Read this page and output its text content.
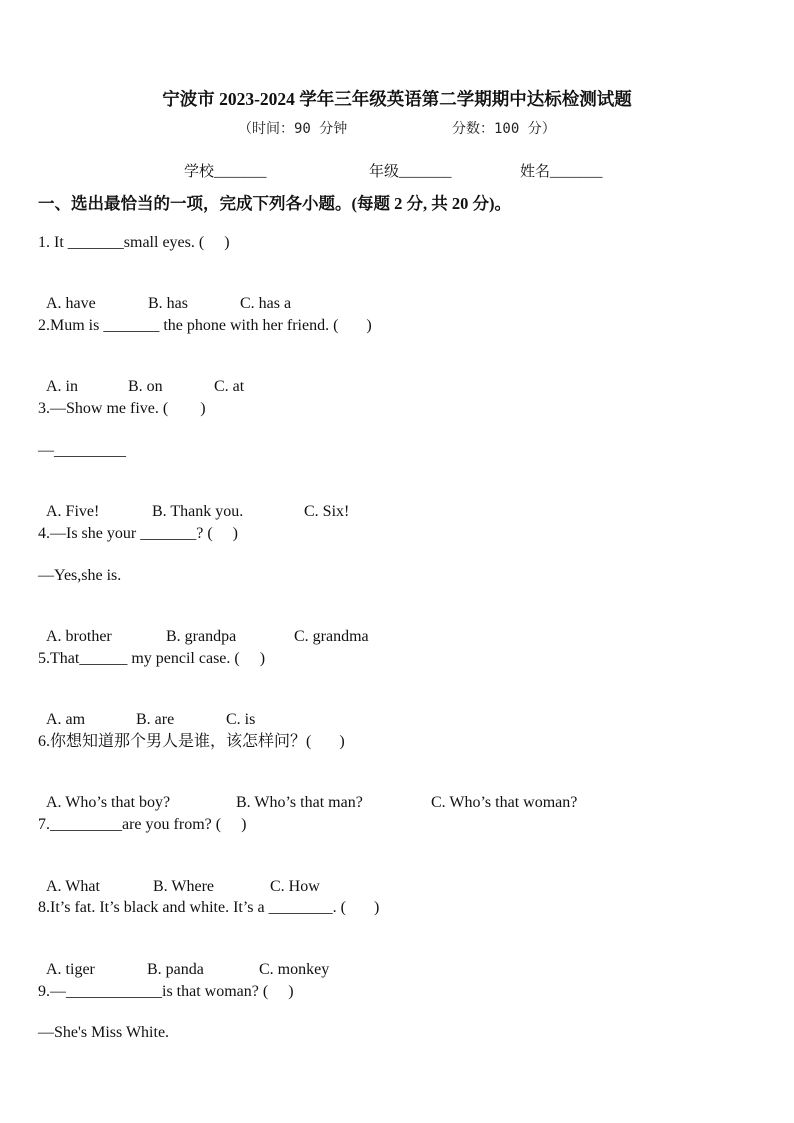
宁波市 2023-2024 学年三年级英语第二学期期中达标检测试题
（时间：90 分钟	分数：100 分）
学校_______	年级_______	姓名_______
一、选出最恰当的一项，完成下列各小题。(每题 2 分, 共 20 分)。
1. It _______small eyes. (     )

A. have	B. has	C. has a

2.Mum is _______ the phone with her friend. (       )

A. in	B. on	C. at

3.—Show me five. (        )
—_________

A. Five!	B. Thank you.	C. Six!

4.—Is she your _______? (     )
—Yes,she is.

A. brother	B. grandpa	C. grandma

5.That______ my pencil case. (     )

A. am	B. are	C. is

6.你想知道那个男人是谁，该怎样问？(       )

A. Who’s that boy?	B. Who’s that man?	C. Who’s that woman?

7._________are you from? (     )

A. What	B. Where	C. How

8.It’s fat. It’s black and white. It’s a ________. (       )

A. tiger	B. panda	C. monkey

9.—____________is that woman? (     )
—She's Miss White.
